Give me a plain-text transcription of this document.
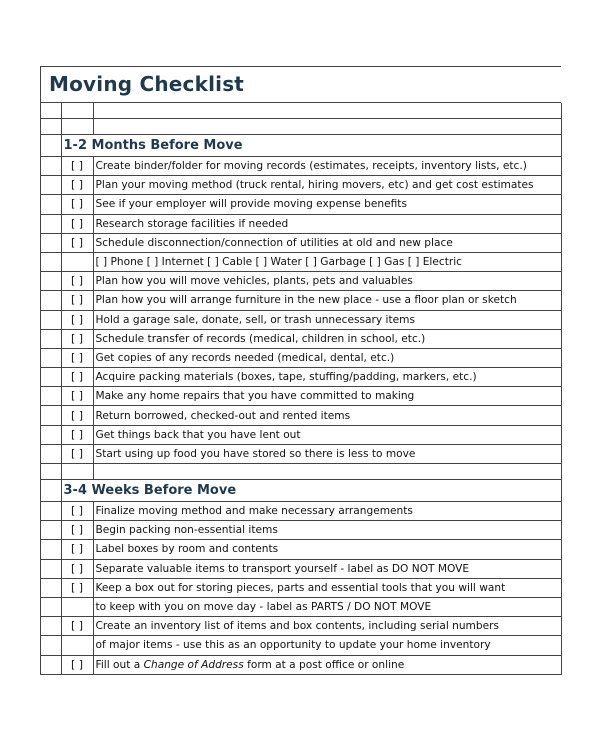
Moving Checklist

	1-2 Months Before Move	
	[ ]	Create binder/folder for moving records (estimates, receipts, inventory lists, etc.)
	[ ]	Plan your moving method (truck rental, hiring movers, etc) and get cost estimates
	[ ]	See if your employer will provide moving expense benefits
	[ ]	Research storage facilities if needed
	[ ]	Schedule disconnection/connection of utilities at old and new place
		[ ] Phone [ ] Internet [ ] Cable [ ] Water [ ] Garbage [ ] Gas [ ] Electric
	[ ]	Plan how you will move vehicles, plants, pets and valuables
	[ ]	Plan how you will arrange furniture in the new place - use a floor plan or sketch
	[ ]	Hold a garage sale, donate, sell, or trash unnecessary items
	[ ]	Schedule transfer of records (medical, children in school, etc.)
	[ ]	Get copies of any records needed (medical, dental, etc.)
	[ ]	Acquire packing materials (boxes, tape, stuffing/padding, markers, etc.)
	[ ]	Make any home repairs that you have committed to making
	[ ]	Return borrowed, checked-out and rented items
	[ ]	Get things back that you have lent out
	[ ]	Start using up food you have stored so there is less to move

	3-4 Weeks Before Move	
	[ ]	Finalize moving method and make necessary arrangements
	[ ]	Begin packing non-essential items
	[ ]	Label boxes by room and contents
	[ ]	Separate valuable items to transport yourself - label as DO NOT MOVE
	[ ]	Keep a box out for storing pieces, parts and essential tools that you will want
		to keep with you on move day - label as PARTS / DO NOT MOVE
	[ ]	Create an inventory list of items and box contents, including serial numbers
		of major items - use this as an opportunity to update your home inventory
	[ ]	Fill out a Change of Address form at a post office or online
